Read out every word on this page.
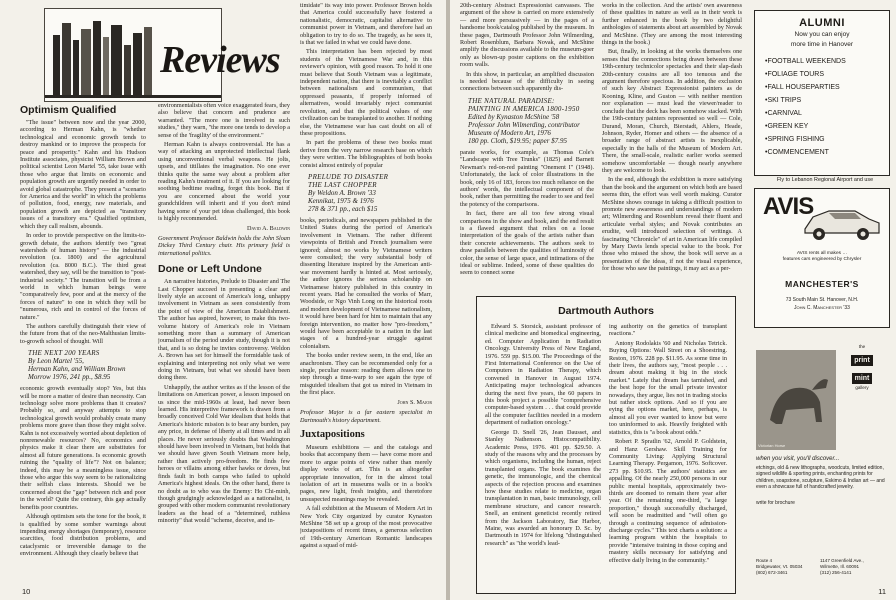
Reviews
Optimism Qualified

"The issue" between now and the year 2000, according to Herman Kahn, is "whether technological and economic growth tends to destroy mankind or to improve the prospects for peace and prosperity." Kahn and his Hudson Institute associates, physicist William Brown and political scientist Leon Martel '55, take issue with those who argue that limits on economic and population growth are urgently needed in order to avoid global catastrophe. They present a "scenario for America and the world" in which the problems of pollution, food, energy, raw materials, and population growth are depicted as "transitory issues of a transitory era." Qualified optimism, which they call realism, abounds.

In order to provide perspective on the limits-to-growth debate, the authors identify two "great watersheds of human history" — the industrial revolution (ca. 1800) and the agricultural revolution (ca. 8000 B.C.). The third great watershed, they say, will be the transition to "post-industrial society." The transition will be from a world in which human beings were "comparatively few, poor and at the mercy of the forces of nature" to one in which they will be "numerous, rich and in control of the forces of nature."

The authors carefully distinguish their view of the future from that of the neo-Malthusian limits-to-growth school of thought. Will

THE NEXT 200 YEARS
By Leon Martel '55,
Herman Kahn, and William Brown
Morrow 1976, 241 pp., $8.95

economic growth eventually stop? Yes, but this will be more a matter of desire than necessity. Can technology solve more problems than it creates? Probably so, and anyway attempts to stop technological growth would probably create many problems more grave than those they might solve. Kahn is not excessively worried about depletion of nonrenewable resources? No, economics and physics make it clear there are substitutes for almost all future generations. Is economic growth ruining the "quality of life"? Not on balance; indeed, this may be a meaningless issue, since those who argue this way seem to be rationalizing their selfish class interests. Should we be concerned about the "gap" between rich and poor in the world? Quite the contrary, this gap actually benefits poor countries.

Although optimism sets the tone for the book, it is qualified by some somber warnings about impending energy shortages (temporary), resource scarcities, food distribution problems, and cataclysmic or irreversible damage to the environment. Although they clearly believe that

environmentalists often voice exaggerated fears, they also believe that concern and prudence are warranted. "The more one is involved in such studies," they warn, "the more one tends to develop a sense of the 'fragility' of the environment."

Herman Kahn is always controversial. He has a way of attacking an unprotected intellectual flank using unconventional verbal weapons. He jolts, upsets, and titillates the imagination. No one ever thinks quite the same way about a problem after reading Kahn's treatment of it. If you are looking for soothing bedtime reading, forget this book. But if you are concerned about the world your grandchildren will inherit and if you don't mind having some of your pet ideas challenged, this book is highly recommended.

David A. Baldwin

Government Professor Baldwin holds the John Sloan Dickey Third Century chair. His primary field is international politics.

Done or Left Undone

An narrative histories, Prelude to Disaster and The Last Chopper succeed in presenting a clear and lively style an account of America's long, unhappy involvement in Vietnam as seen consistently from the point of view of the American Establishment. The author has aspired, however, to make this two-volume history of America's role in Vietnam something more than a summary of American journalism of the period under study, though it is not that, and is so doing he invites controversy. Weldon A. Brown has set for himself the formidable task of explaining and interpreting not only what we were doing in Vietnam, but what we should have been doing there.

Unhappily, the author writes as if the lesson of the limitations on American power, a lesson imposed on us since the mid-1960s at least, had never been learned. His interpretive framework is drawn from a broadly conceived Cold War idealism that holds that America's historic mission is to bear any burden, pay any price, in defense of liberty at all times and in all places. He never seriously doubts that Washington should have been involved in Vietnam, but holds that we should have given South Vietnam more help, rather than actively pro-freedom. He finds few heroes or villains among either hawks or doves, but finds fault in both camps who failed to uphold America's highest ideals. On the other hand, there is no doubt as to who was the Enemy: Ho Chi-minh, though grudgingly acknowledged as a nationalist, is grouped with other modern communist revolutionary leaders as the head of a "determined, ruthless minority" that would "scheme, deceive, and in-

timidate" its way into power. Professor Brown holds that America could successfully have fostered a nationalistic, democratic, capitalist alternative to communist power in Vietnam, and therefore had an obligation to try to do so. The tragedy, as he sees it, is that we failed in what we could have done.

This interpretation has been rejected by most students of the Vietnamese War and, in this reviewer's opinion, with good reason. To hold it one must believe that South Vietnam was a legitimate, independent nation, that there is inevitably a conflict between nationalism and communism, that oppressed peasants, if properly informed of alternatives, would invariably reject communist revolution, and that the political values of one civilization can be transplanted to another. If nothing else, the Vietnamese war has cast doubt on all of these propositions.

In part the problems of these two books must derive from the very narrow research base on which they were written. The bibliographies of both books consist almost entirely of popular

PRELUDE TO DISASTER
THE LAST CHOPPER
By Weldon A. Brown '33
Kennikat, 1975 & 1976
278 & 371 pp., each $15

books, periodicals, and newspapers published in the United States during the period of America's involvement in Vietnam. The rather different viewpoints of British and French journalism were ignored; almost no works by Vietnamese writers were consulted; the very substantial body of dissenting literature inspired by the American anti-war movement hardly is hinted at. Most seriously, the author ignores the serious scholarship on Vietnamese history published in this country in recent years. Had he consulted the works of Marr, Woodside, or Ngo Vinh Long on the historical roots and modern development of Vietnamese nationalism, it would have been hard for him to maintain that any foreign intervention, no matter how "pro-freedom," would have been acceptable to a nation in the last stages of a hundred-year struggle against colonialism.

The books under review seem, in the end, like an anachronism. They can be recommended only for a single, peculiar reason: reading them allows one to step through a time-warp to see again the type of misguided idealism that got us mired in Vietnam in the first place.

John S. Major

Professor Major is a far eastern specialist in Dartmouth's history department.

Juxtapositions

Museum exhibitions — and the catalogs and books that accompany them — have come more and more to argue points of view rather than merely display works of art. This is an altogether appropriate innovation, for in the almost total isolation of art in museums walls or in a book's pages, new light, fresh insights, and theretofore unsuspected meanings may be revealed.

A fall exhibition at the Museum of Modern Art in New York City organized by curator Kynaston McShine '58 set up a group of the most provocative juxtapositions of recent times, a generous selection of 19th-century American Romantic landscapes against a squad of mid-

10

20th-century Abstract Expressionist canvasses. The argument of the show is carried on more extensively — and more persuasively — in the pages of a handsome book/catalog published by the museum. In these pages, Dartmouth Professor John Wilmerding, Robert Rosenblum, Barbara Novak, and McShine amplify the discussions available to the museum-goer only as blown-up poster captions on the exhibition room walls.

In this show, in particular, an amplified discussion is needed because of the difficulty in seeing connections between such apparently dis-

THE NATURAL PARADISE:
PAINTING IN AMERICA 1800-1950
Edited by Kynaston McShine '58
Professor John Wilmerding, contributor
Museum of Modern Art, 1976
180 pp. Cloth, $19.95; paper $7.95

parate works, for example, as Thomas Cole's "Landscape with Tree Trunks" (1825) and Barnett Newman's red-on-red painting "Onement I" (1948). Unfortunately, the lack of color illustrations in the book, only 16 of 183, forces too much reliance on the authors' words, the intellectual component of the book, rather than permitting the reader to see and feel the potency of the comparisons.

In fact, there are all too few strong visual comparisons in the show and book, and the end result is a flawed argument that relies on a loose interpretation of the goals of the artists rather than their concrete achievements. The authors seek to draw parallels between the qualities of luminosity of color, the sense of large space, and intimations of the ideal or sublime. Indeed, some of these qualities do seem to connect some

works in the collection. And the artists' own awareness of these qualities in nature as well as in their work is further enhanced in the book by two delightful anthologies of statements about art assembled by Novak and McShine. (They are among the most interesting things in the book.)

But, finally, in looking at the works themselves one senses that the connections being drawn between these 19th-century technicolor spectacles and their slap-dash 20th-century cousins are all too tenuous and the argument therefore specious. In addition, the exclusion of such key Abstract Expressionist painters as de Kooning, Kline, and Guston — with neither mention nor explanation — must lead the viewer/reader to conclude that the deck has been somehow stacked. With the 19th-century painters represented so well — Cole, Durand, Moran, Church, Bierstadt, Ahlers, Heade, Johnson, Ryder, Homer and others — the absence of a broader range of abstract artists is inexplicable, especially in the halls of the Museum of Modern Art. There, the small-scale, realistic earlier works seemed somehow uncomfortable — though nearly anywhere they are welcome to look.

In the end, although the exhibition is more satisfying than the book and the argument on which both are based seems thin, the effort was well worth making. Curator McShine shows courage in taking a difficult position to promote new awareness and understandings of modern art; Wilmerding and Rosenblum reveal their fluent and articulate verbal styles; and Novak contributes an erudite, well introduced selection of writings. A fascinating "Chronicle" of art in American life compiled by Mary Davis lends special value to the book. For those who missed the show, the book will serve as a presentation of the ideas, if not the visual experience, for those who saw the paintings, it may act as a per-

Dartmouth Authors

Edward S. Storsick, assistant professor of clinical medicine and biomedical engineering, ed. Computer Application in Radiation Oncology. University Press of New England, 1976. 559 pp. $15.00. The Proceedings of the First International Conference on the Use of Computers in Radiation Therapy, which convened in Hanover in August 1974. Anticipating major technological advances during the next five years, the 60 papers in this book project a possible "comprehensive computer-based system . . . that could provide all the computer facilities needed in a modern department of radiation oncology."

George D. Snell '26, Jean Dausset, and Stanley Nathenson. Histocompatibility. Academic Press, 1976. 401 pp. $29.50. A study of the reasons why and the processes by which organisms, including the human, reject transplanted organs. The book examines the genetic, the immunologic, and the chemical aspects of the rejection process and examines how these studies relate to medicine, organ transplantation in man, basic immunology, cell membrane structure, and cancer research. Snell, an eminent geneticist recently retired from the Jackson Laboratory, Bar Harbor, Maine, was awarded an honorary D. Sc. by Dartmouth in 1974 for lifelong "distinguished research" as "the world's lead-

ing authority on the genetics of transplant reactions."

Antony Rodolakis '60 and Nicholas Tetrick. Buying Options: Wall Street on a Shoestring. Reston, 1976. 228 pp. $11.95. As some time in their lives, the authors say, "most people . . . dream about making it big in the stock market." Lately that dream has tarnished, and the best hope for the small private investor nowadays, they argue, lies not in trading stocks but rather stock options. And so if you are eying the options market, here, perhaps, is almost all you ever wanted to know but were too uninformed to ask. Heavily freighted with statistics, this is "a book about odds."

Robert P. Spratlin '62, Arnold P. Goldstein, and Hanz Gershaw. Skill Training for Community Living: Applying Structural Learning Therapy. Pergamon, 1976. Softcover. 273 pp. $10.95. The authors' statistics are appalling. Of the nearly 250,000 persons in our public mental hospitals, approximately two-thirds are doomed to remain there year after year. Of the remaining one-third, "a large proportion," though successfully discharged, will soon be readmitted and "will often go through a continuing sequence of admission-discharge cycles." This text charts a solution: a learning program within the hospitals to provide "intensive training in those coping and mastery skills necessary for satisfying and effective daily living in the community."

ALUMNI
Now you can enjoy
more time in Hanover
• FOOTBALL WEEKENDS
• FOLIAGE TOURS
• FALL HOUSEPARTIES
• SKI TRIPS
• CARNIVAL
• GREEN KEY
• SPRING FISHING
• COMMENCEMENT
Fly to Lebanon Regional Airport and use
AVIS
AVIS rents all makes …
features cars engineered by Chrysler
MANCHESTER'S
73 South Main St. Hanover, N.H.
John C. Manchester '33
Victorian Horse
the
print
mint
gallery
when you visit, you'll discover...
etchings, old & new lithographs, woodcuts, limited edition, signed wildlife & sporting prints, enchanting prints for children, soapstone, sculpture, Eskimo & Indian art — and even a showcase full of handcrafted jewelry.
write for brochure
Route 4
Bridgewater, Vt. 05034
(802) 672-3461
1147 Greenfield Ave.,
Wilmette, Ill. 60091
(312) 256-4141
11
